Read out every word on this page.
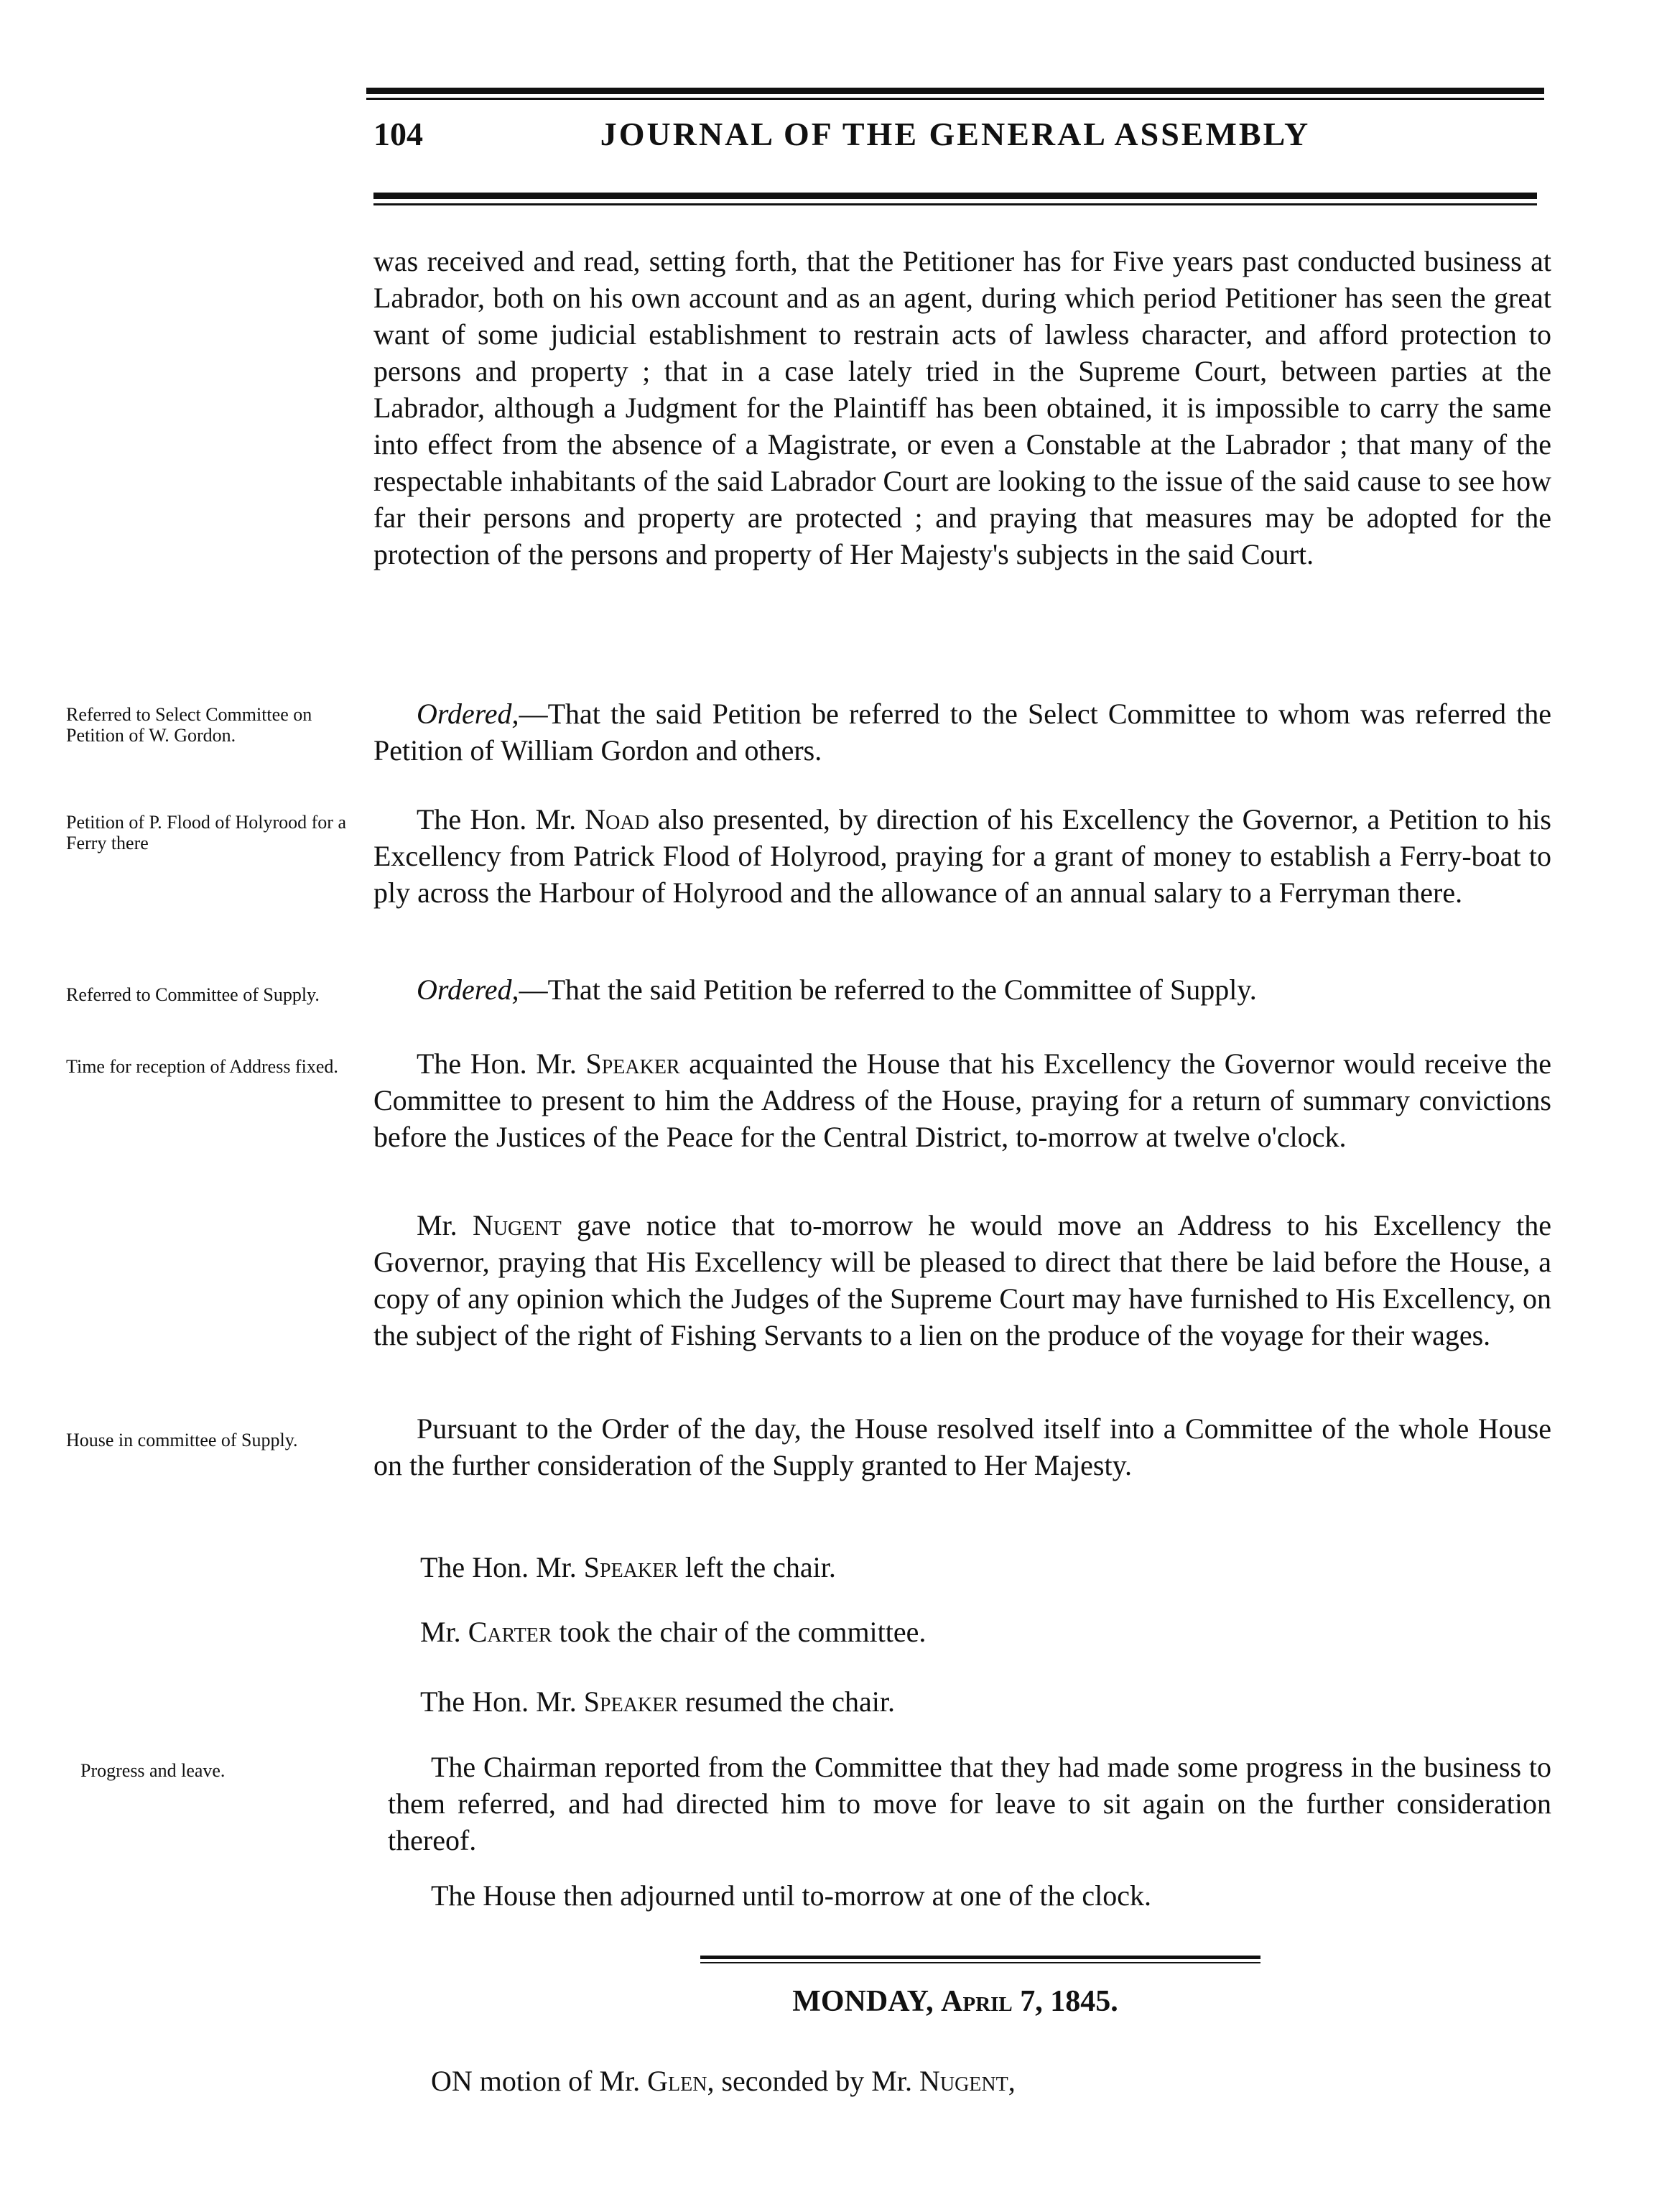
104	JOURNAL OF THE GENERAL ASSEMBLY
was received and read, setting forth, that the Petitioner has for Five years past conducted business at Labrador, both on his own account and as an agent, during which period Petitioner has seen the great want of some judicial establishment to restrain acts of lawless character, and afford protection to persons and property ; that in a case lately tried in the Supreme Court, between parties at the Labrador, although a Judgment for the Plaintiff has been obtained, it is impossible to carry the same into effect from the absence of a Magistrate, or even a Constable at the Labrador ; that many of the respectable inhabitants of the said Labrador Court are looking to the issue of the said cause to see how far their persons and property are protected ; and praying that measures may be adopted for the protection of the persons and property of Her Majesty's subjects in the said Court.
Referred to Select Committee on Petition of W. Gordon.
Ordered,—That the said Petition be referred to the Select Committee to whom was referred the Petition of William Gordon and others.
Petition of P. Flood of Holyrood for a Ferry there
The Hon. Mr. Noad also presented, by direction of his Excellency the Governor, a Petition to his Excellency from Patrick Flood of Holyrood, praying for a grant of money to establish a Ferry-boat to ply across the Harbour of Holyrood and the allowance of an annual salary to a Ferryman there.
Referred to Committee of Supply.	Ordered,—That the said Petition be referred to the Committee of Supply.
Time for reception of Address fixed.	The Hon. Mr. Speaker acquainted the House that his Excellency the Governor would receive the Committee to present to him the Address of the House, praying for a return of summary convictions before the Justices of the Peace for the Central District, to-morrow at twelve o'clock.
Mr. Nugent gave notice that to-morrow he would move an Address to his Excellency the Governor, praying that His Excellency will be pleased to direct that there be laid before the House, a copy of any opinion which the Judges of the Supreme Court may have furnished to His Excellency, on the subject of the right of Fishing Servants to a lien on the produce of the voyage for their wages.
House in committee of Supply.	Pursuant to the Order of the day, the House resolved itself into a Committee of the whole House on the further consideration of the Supply granted to Her Majesty.
The Hon. Mr. Speaker left the chair.
Mr. Carter took the chair of the committee.
The Hon. Mr. Speaker resumed the chair.
Progress and leave.	The Chairman reported from the Committee that they had made some progress in the business to them referred, and had directed him to move for leave to sit again on the further consideration thereof.
The House then adjourned until to-morrow at one of the clock.
MONDAY, April 7, 1845.
ON motion of Mr. Glen, seconded by Mr. Nugent,
